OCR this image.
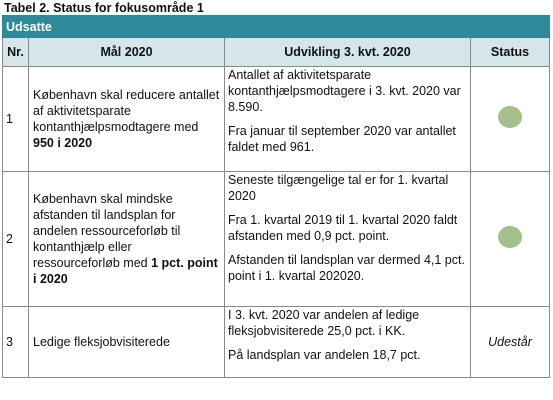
Tabel 2. Status for fokusområde 1
Udsatte			
Nr.	Mål 2020	Udvikling 3. kvt. 2020	Status
1	København skal reducere antallet af aktivitetsparate kontanthjælpsmodtagere med 950 i 2020	Antallet af aktivitetsparate kontanthjælpsmodtagere i 3. kvt. 2020 var 8.590.

Fra januar til september 2020 var antallet faldet med 961.	

2	København skal mindske afstanden til landsplan for andelen ressourceforløb til kontanthjælp eller ressourceforløb med 1 pct. point i 2020	Seneste tilgængelige tal er for 1. kvartal 2020

Fra 1. kvartal 2019 til 1. kvartal 2020 faldt afstanden med 0,9 pct. point.

Afstanden til landsplan var dermed 4,1 pct. point i 1. kvartal 202020.	

3	Ledige fleksjobvisiterede	I 3. kvt. 2020 var andelen af ledige fleksjobvisiterede 25,0 pct. i KK.

På landsplan var andelen 18,7 pct.	Udestår
